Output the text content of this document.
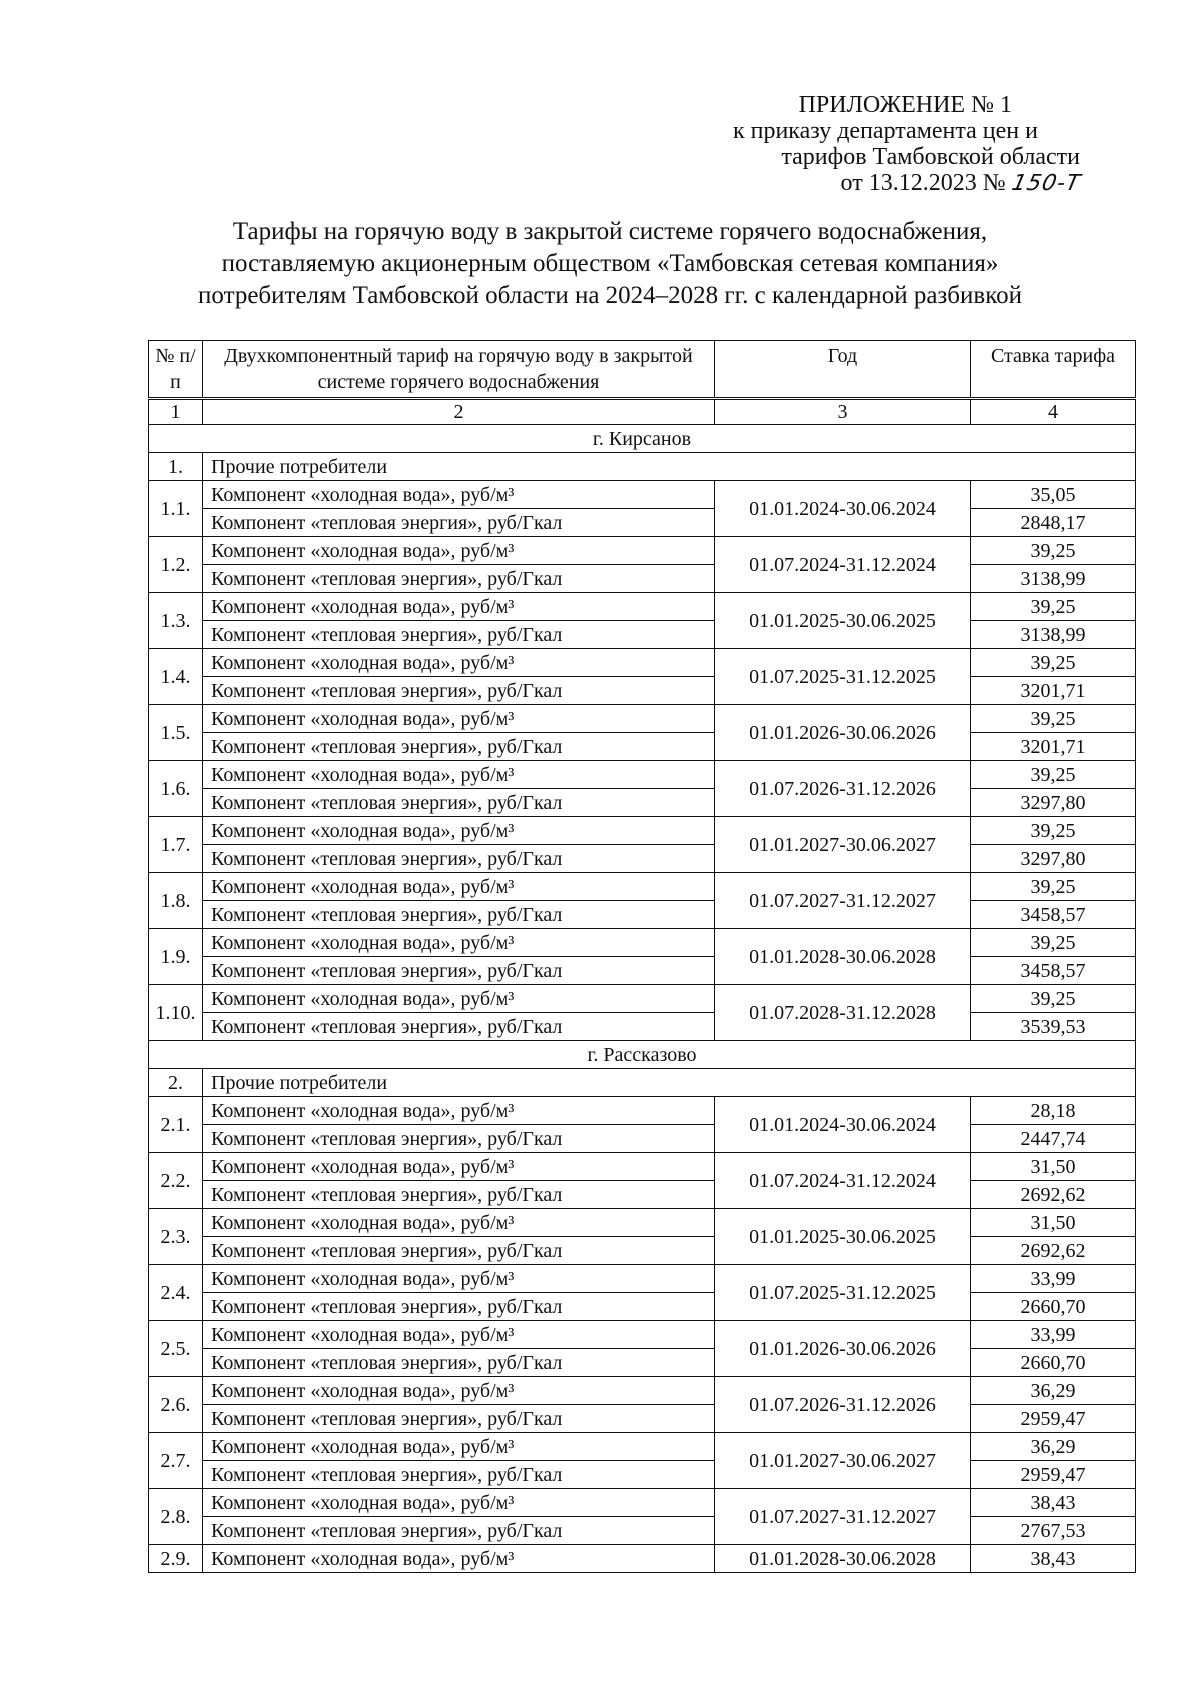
ПРИЛОЖЕНИЕ № 1
к приказу департамента цен и
тарифов Тамбовской области
от 13.12.2023 № 150-Т
Тарифы на горячую воду в закрытой системе горячего водоснабжения,
поставляемую акционерным обществом «Тамбовская сетевая компания»
потребителям Тамбовской области на 2024–2028 гг. с календарной разбивкой
№ п/п	Двухкомпонентный тариф на горячую воду в закрытой системе горячего водоснабжения	Год	Ставка тарифа
1	2	3	4
г. Кирсанов			
1.	Прочие потребители		
1.1.	Компонент «холодная вода», руб/м³	01.01.2024-30.06.2024	35,05
	Компонент «тепловая энергия», руб/Гкал		2848,17
1.2.	Компонент «холодная вода», руб/м³	01.07.2024-31.12.2024	39,25
	Компонент «тепловая энергия», руб/Гкал		3138,99
1.3.	Компонент «холодная вода», руб/м³	01.01.2025-30.06.2025	39,25
	Компонент «тепловая энергия», руб/Гкал		3138,99
1.4.	Компонент «холодная вода», руб/м³	01.07.2025-31.12.2025	39,25
	Компонент «тепловая энергия», руб/Гкал		3201,71
1.5.	Компонент «холодная вода», руб/м³	01.01.2026-30.06.2026	39,25
	Компонент «тепловая энергия», руб/Гкал		3201,71
1.6.	Компонент «холодная вода», руб/м³	01.07.2026-31.12.2026	39,25
	Компонент «тепловая энергия», руб/Гкал		3297,80
1.7.	Компонент «холодная вода», руб/м³	01.01.2027-30.06.2027	39,25
	Компонент «тепловая энергия», руб/Гкал		3297,80
1.8.	Компонент «холодная вода», руб/м³	01.07.2027-31.12.2027	39,25
	Компонент «тепловая энергия», руб/Гкал		3458,57
1.9.	Компонент «холодная вода», руб/м³	01.01.2028-30.06.2028	39,25
	Компонент «тепловая энергия», руб/Гкал		3458,57
1.10.	Компонент «холодная вода», руб/м³	01.07.2028-31.12.2028	39,25
	Компонент «тепловая энергия», руб/Гкал		3539,53
г. Рассказово			
2.	Прочие потребители		
2.1.	Компонент «холодная вода», руб/м³	01.01.2024-30.06.2024	28,18
	Компонент «тепловая энергия», руб/Гкал		2447,74
2.2.	Компонент «холодная вода», руб/м³	01.07.2024-31.12.2024	31,50
	Компонент «тепловая энергия», руб/Гкал		2692,62
2.3.	Компонент «холодная вода», руб/м³	01.01.2025-30.06.2025	31,50
	Компонент «тепловая энергия», руб/Гкал		2692,62
2.4.	Компонент «холодная вода», руб/м³	01.07.2025-31.12.2025	33,99
	Компонент «тепловая энергия», руб/Гкал		2660,70
2.5.	Компонент «холодная вода», руб/м³	01.01.2026-30.06.2026	33,99
	Компонент «тепловая энергия», руб/Гкал		2660,70
2.6.	Компонент «холодная вода», руб/м³	01.07.2026-31.12.2026	36,29
	Компонент «тепловая энергия», руб/Гкал		2959,47
2.7.	Компонент «холодная вода», руб/м³	01.01.2027-30.06.2027	36,29
	Компонент «тепловая энергия», руб/Гкал		2959,47
2.8.	Компонент «холодная вода», руб/м³	01.07.2027-31.12.2027	38,43
	Компонент «тепловая энергия», руб/Гкал		2767,53
2.9.	Компонент «холодная вода», руб/м³	01.01.2028-30.06.2028	38,43
